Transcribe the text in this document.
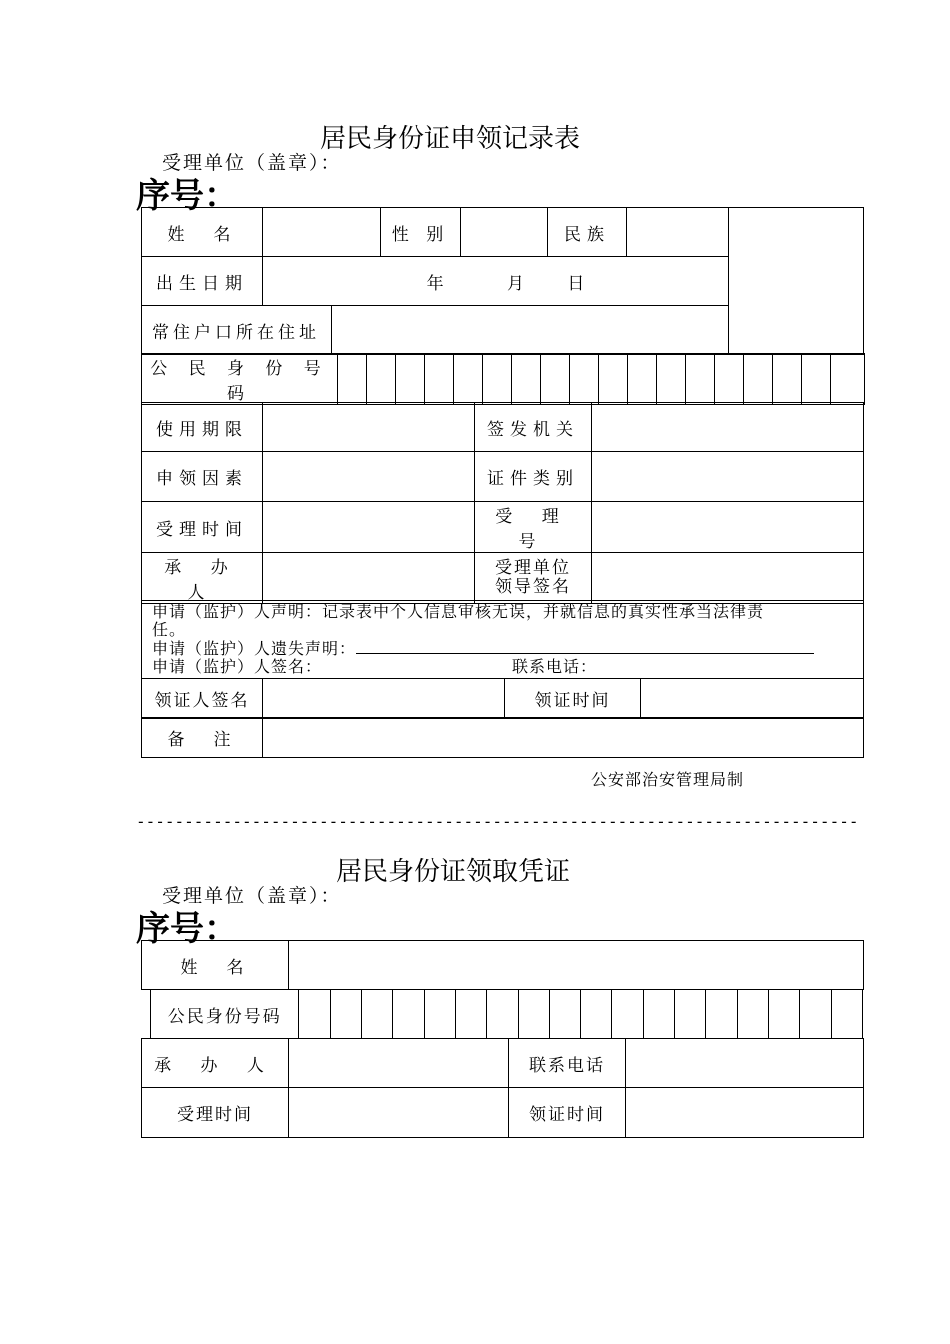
居民身份证申领记录表
受理单位（盖章）：
序号：
姓　名			性 别		民族		
出生日期	年 月 日						
常住户口所在住址							
公 民 身 份 号 码																		
使用期限		签发机关	
申领因素		证件类别	
受理时间		受 理 号	
承 办 人		受理单位
领导签名	

申请（监护）人声明：记录表中个人信息审核无误，并就信息的真实性承当法律责
任。
申请（监护）人遗失声明：
申请（监护）人签名：	联系电话：
领证人签名		领证时间	
备　注	
公安部治安管理局制
---------------------------------------------------------------------------
居民身份证领取凭证
受理单位（盖章）：
序号：
姓　名	
公民身份号码																		
承 办 人		联系电话	
受理时间		领证时间	
